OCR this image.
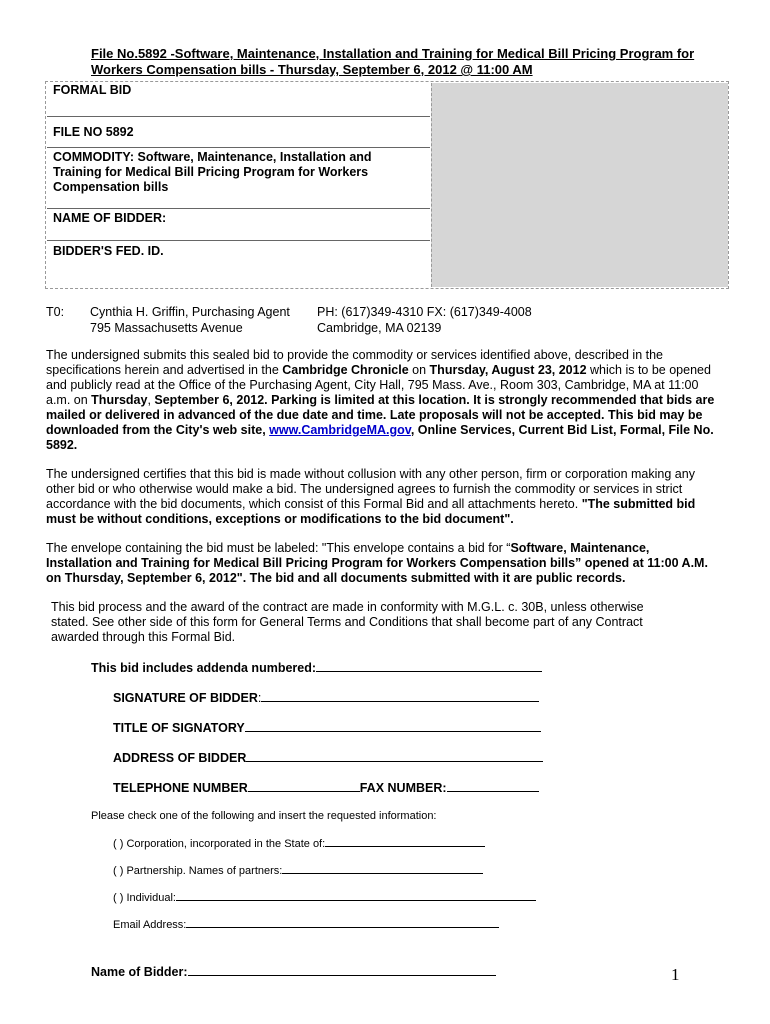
File No.5892 -Software, Maintenance, Installation and Training for Medical Bill Pricing Program for
Workers Compensation bills - Thursday, September 6, 2012 @ 11:00 AM
FORMAL BID
FILE NO 5892
COMMODITY: Software, Maintenance, Installation and
Training for Medical Bill Pricing Program for Workers
Compensation bills
NAME OF BIDDER:
BIDDER'S FED. ID.
T0: Cynthia H. Griffin, Purchasing Agent
795 Massachusetts Avenue
PH: (617)349-4310 FX: (617)349-4008
Cambridge, MA 02139
The undersigned submits this sealed bid to provide the commodity or services identified above, described in the specifications herein and advertised in the Cambridge Chronicle on Thursday, August 23, 2012 which is to be opened and publicly read at the Office of the Purchasing Agent, City Hall, 795 Mass. Ave., Room 303, Cambridge, MA at 11:00 a.m. on Thursday, September 6, 2012. Parking is limited at this location. It is strongly recommended that bids are mailed or delivered in advanced of the due date and time. Late proposals will not be accepted. This bid may be downloaded from the City's web site, www.CambridgeMA.gov, Online Services, Current Bid List, Formal, File No. 5892.
The undersigned certifies that this bid is made without collusion with any other person, firm or corporation making any other bid or who otherwise would make a bid. The undersigned agrees to furnish the commodity or services in strict accordance with the bid documents, which consist of this Formal Bid and all attachments hereto. "The submitted bid must be without conditions, exceptions or modifications to the bid document".
The envelope containing the bid must be labeled: "This envelope contains a bid for “Software, Maintenance, Installation and Training for Medical Bill Pricing Program for Workers Compensation bills” opened at 11:00 A.M. on Thursday, September 6, 2012". The bid and all documents submitted with it are public records.
This bid process and the award of the contract are made in conformity with M.G.L. c. 30B, unless otherwise stated. See other side of this form for General Terms and Conditions that shall become part of any Contract awarded through this Formal Bid.
This bid includes addenda numbered:
SIGNATURE OF BIDDER:
TITLE OF SIGNATORY
ADDRESS OF BIDDER
TELEPHONE NUMBER	FAX NUMBER:
Please check one of the following and insert the requested information:
( ) Corporation, incorporated in the State of:
( ) Partnership. Names of partners:
( ) Individual:
Email Address:
Name of Bidder:	1
